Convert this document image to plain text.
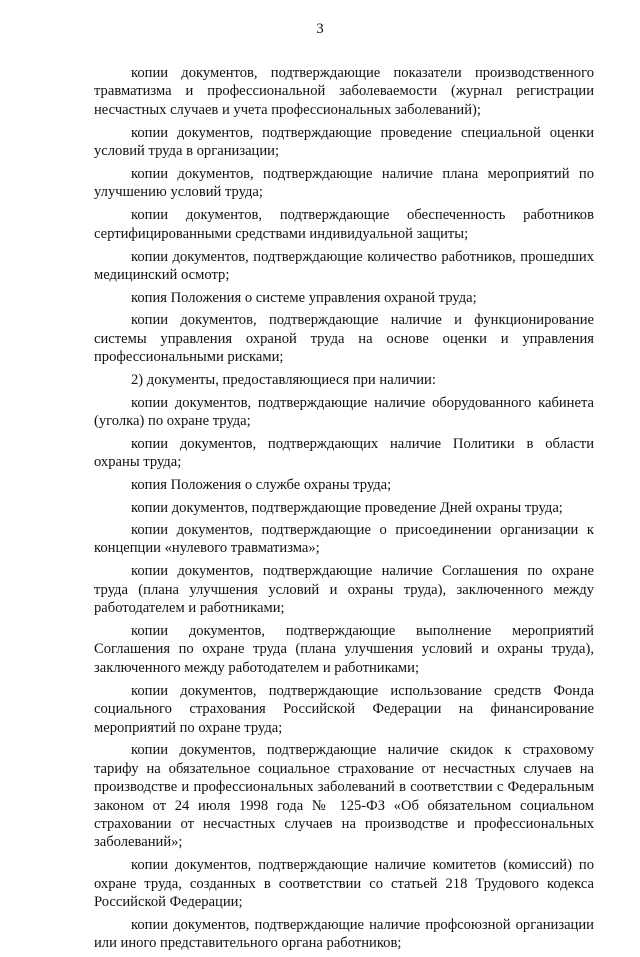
3

копии документов, подтверждающие показатели производственного травматизма и профессиональной заболеваемости (журнал регистрации несчастных случаев и учета профессиональных заболеваний);

копии документов, подтверждающие проведение специальной оценки условий труда в организации;

копии документов, подтверждающие наличие плана мероприятий по улучшению условий труда;

копии документов, подтверждающие обеспеченность работников сертифицированными средствами индивидуальной защиты;

копии документов, подтверждающие количество работников, прошедших медицинский осмотр;

копия Положения о системе управления охраной труда;

копии документов, подтверждающие наличие и функционирование системы управления охраной труда на основе оценки и управления профессиональными рисками;

2) документы, предоставляющиеся при наличии:

копии документов, подтверждающие наличие оборудованного кабинета (уголка) по охране труда;

копии документов, подтверждающих наличие Политики в области охраны труда;

копия Положения о службе охраны труда;

копии документов, подтверждающие проведение Дней охраны труда;

копии документов, подтверждающие о присоединении организации к концепции «нулевого травматизма»;

копии документов, подтверждающие наличие Соглашения по охране труда (плана улучшения условий и охраны труда), заключенного между работодателем и работниками;

копии документов, подтверждающие выполнение мероприятий Соглашения по охране труда (плана улучшения условий и охраны труда), заключенного между работодателем и работниками;

копии документов, подтверждающие использование средств Фонда социального страхования Российской Федерации на финансирование мероприятий по охране труда;

копии документов, подтверждающие наличие скидок к страховому тарифу на обязательное социальное страхование от несчастных случаев на производстве и профессиональных заболеваний в соответствии с Федеральным законом от 24 июля 1998 года № 125-ФЗ «Об обязательном социальном страховании от несчастных случаев на производстве и профессиональных заболеваний»;

копии документов, подтверждающие наличие комитетов (комиссий) по охране труда, созданных в соответствии со статьей 218 Трудового кодекса Российской Федерации;

копии документов, подтверждающие наличие профсоюзной организации или иного представительного органа работников;
